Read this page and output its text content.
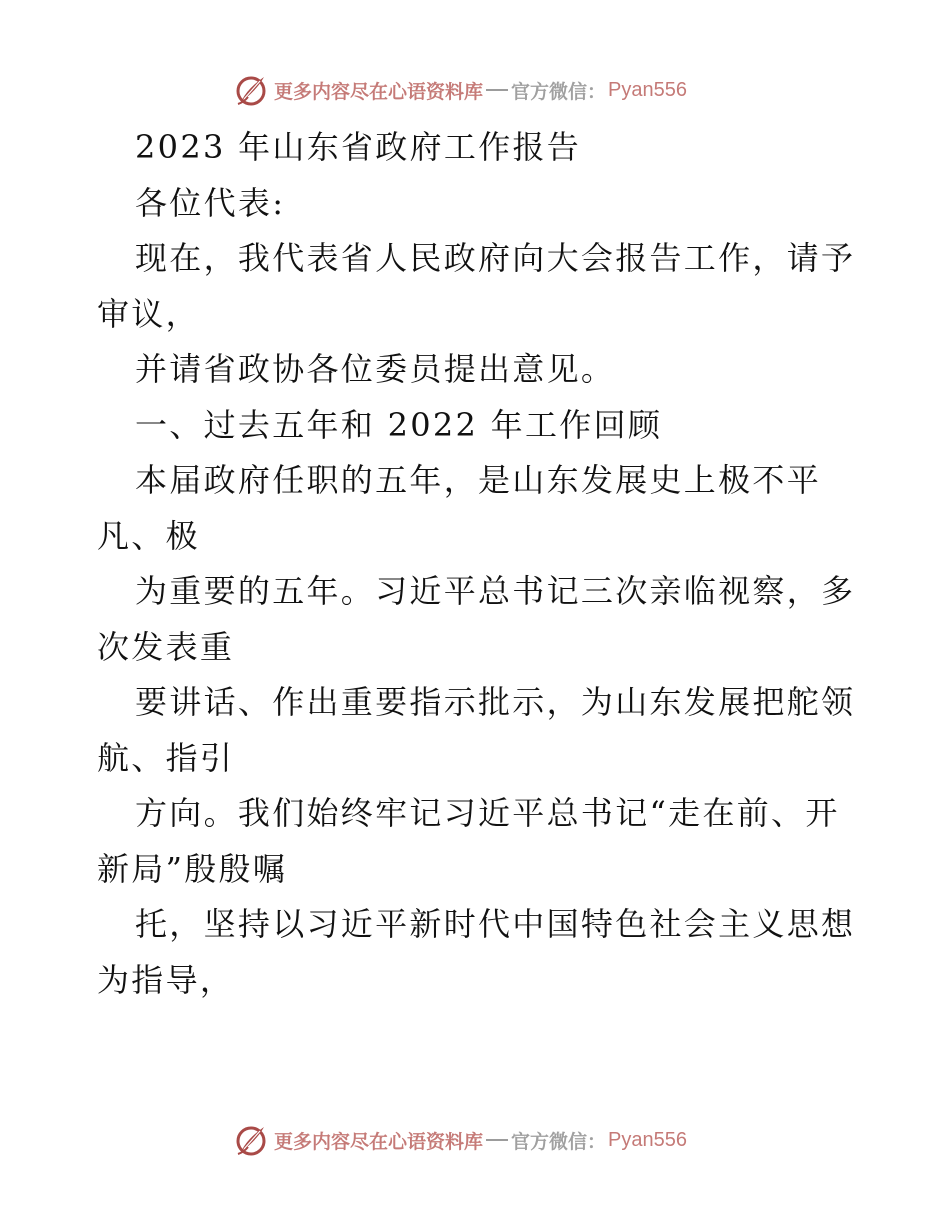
更多内容尽在心语资料库 官方微信： Pyan556
2023 年山东省政府工作报告
各位代表:
现在，我代表省人民政府向大会报告工作，请予
审议，
并请省政协各位委员提出意见。
一、过去五年和 2022 年工作回顾
本届政府任职的五年，是山东发展史上极不平
凡、极
为重要的五年。习近平总书记三次亲临视察，多
次发表重
要讲话、作出重要指示批示，为山东发展把舵领
航、指引
方向。我们始终牢记习近平总书记“走在前、开
新局”殷殷嘱
托，坚持以习近平新时代中国特色社会主义思想
为指导，
更多内容尽在心语资料库 官方微信： Pyan556
